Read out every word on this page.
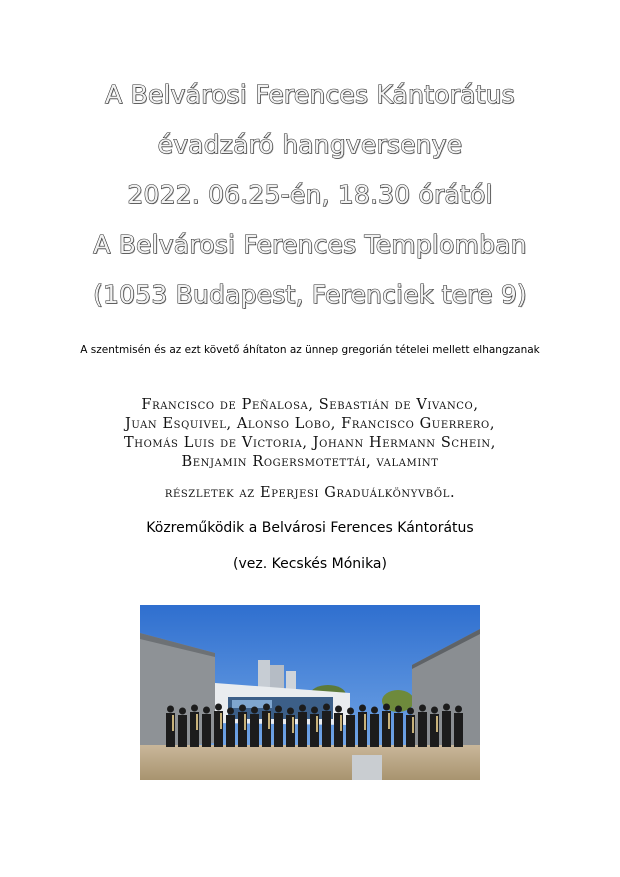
A Belvárosi Ferences Kántorátus
évadzáró hangversenye
2022. 06.25-én, 18.30 órától
A Belvárosi Ferences Templomban
(1053 Budapest, Ferenciek tere 9)
A szentmisén és az ezt követő áhítaton az ünnep gregorián tételei mellett elhangzanak
Francisco de Peñalosa, Sebastián de Vivanco,
Juan Esquivel, Alonso Lobo, Francisco Guerrero,
Thomás Luis de Victoria, Johann Hermann Schein,
Benjamin Rogersmotettái, valamint
részletek az Eperjesi Graduálkönyvből.
Közreműködik a Belvárosi Ferences Kántorátus
(vez. Kecskés Mónika)
